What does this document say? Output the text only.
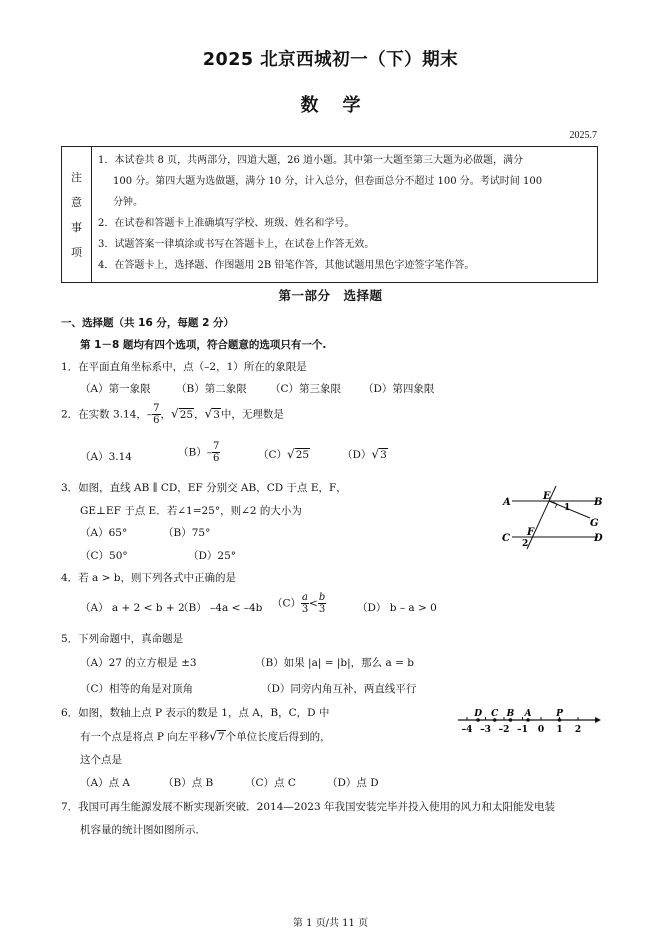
2025 北京西城初一（下）期末
数学
2025.7
注
意
事
项

1．本试卷共 8 页，共两部分，四道大题，26 道小题。其中第一大题至第三大题为必做题，满分

100 分。第四大题为选做题，满分 10 分，计入总分，但卷面总分不超过 100 分。考试时间 100

分钟。

2．在试卷和答题卡上准确填写学校、班级、姓名和学号。

3．试题答案一律填涂或书写在答题卡上，在试卷上作答无效。

4．在答题卡上，选择题、作图题用 2B 铅笔作答，其他试题用黑色字迹签字笔作答。

第一部分　选择题
一、选择题（共 16 分，每题 2 分）
第 1－8 题均有四个选项，符合题意的选项只有一个.
1．在平面直角坐标系中，点（–2，1）所在的象限是
（A）第一象限 （B）第二象限 （C）第三象限 （D）第四象限
2．在实数 3.14，– $\frac{7}{6}$ ，√25，√3中，无理数是
（A）3.14	$(B)- \frac{7}{6}$	（C）√25	（D）√3
3．如图，直线 AB ∥ CD，EF 分别交 AB，CD 于点 E，F，
GE⊥EF 于点 E．若∠1=25°，则∠2 的大小为
（A）65°	（B）75°
（C）50°	（D）25°
A	B
C	D
E
F
G
1
2
4．若 a > b，则下列各式中正确的是
（A） a + 2 < b + 2
（B） –4a < –4b $(C) \frac{a}{3} < \frac{b}{3}$	（D） b – a > 0
5．下列命题中，真命题是
（A）27 的立方根是 ±3	（B）如果 |a| = |b|，那么 a = b
（C）相等的角是对顶角	（D）同旁内角互补，两直线平行
6．如图，数轴上点 P 表示的数是 1，点 A，B，C，D 中
有一个点是将点 P 向左平移√7个单位长度后得到的，
这个点是
（A）点 A	（B）点 B	（C）点 C	（D）点 D
–4 –3 –2 –1 0 1 2
D C B A	P
7．我国可再生能源发展不断实现新突破．2014—2023 年我国安装完毕并投入使用的风力和太阳能发电装
机容量的统计图如图所示．
第 1 页/共 11 页
